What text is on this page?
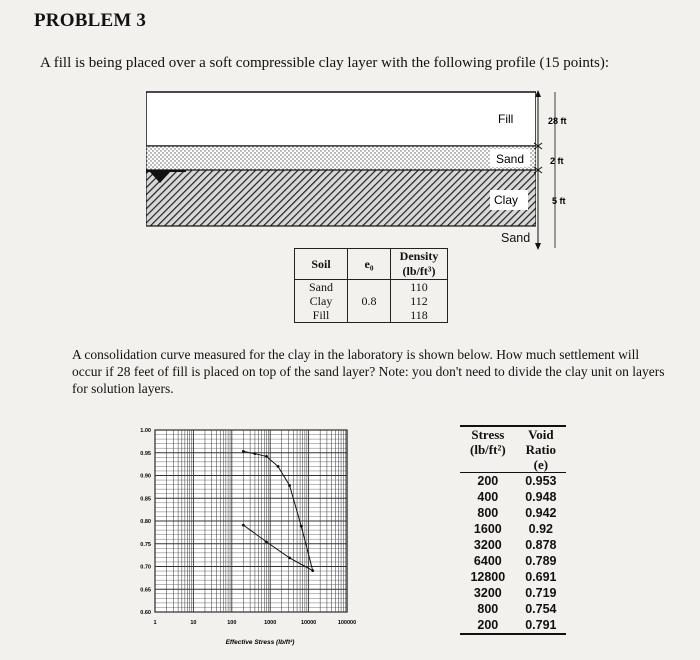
PROBLEM 3
A fill is being placed over a soft compressible clay layer with the following profile (15 points):
Fill
Sand
Clay
28 ft
2 ft
5 ft
Sand
Soil	e₀	Density
(lb/ft³)
Sand		110
Clay	0.8	112
Fill		118
A consolidation curve measured for the clay in the laboratory is shown below. How much settlement will occur if 28 feet of fill is placed on top of the sand layer? Note: you don't need to divide the clay unit on layers for solution layers.
1.00
0.95
0.90
0.85
0.80
0.75
0.70
0.65
0.60
1	10	100	1000	10000	100000
Effective Stress (lb/ft²)
Stress
(lb/ft²)	Void
Ratio
(e)
200	0.953
400	0.948
800	0.942
1600	0.92
3200	0.878
6400	0.789
12800	0.691
3200	0.719
800	0.754
200	0.791
